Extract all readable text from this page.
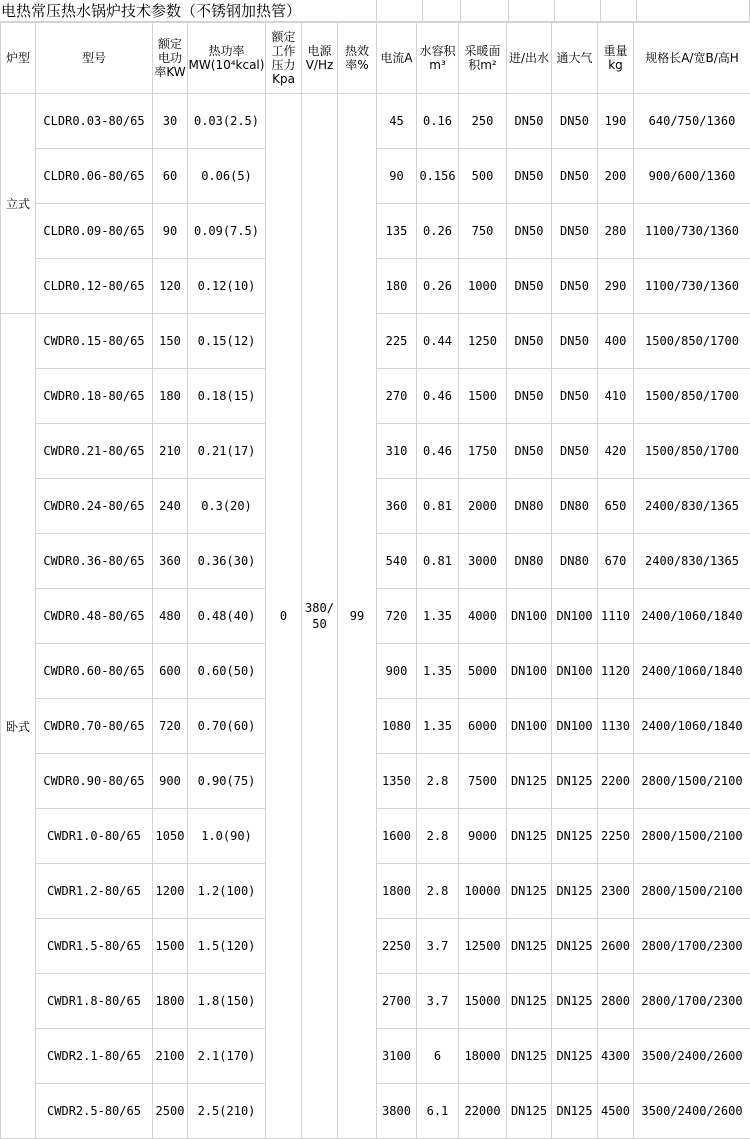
电热常压热水锅炉技术参数（不锈钢加热管）
炉型	型号	额定电功率KW	热功率MW(10⁴kcal)	额定工作压力Kpa	电源V/Hz	热效率%	电流A	水容积m³	采暖面积m²	进/出水	通大气	重量kg	规格长A/宽B/高H
立式	CLDR0.03-80/65	30	0.03(2.5)	0	380/50	99	45	0.16	250	DN50	DN50	190	640/750/1360
	CLDR0.06-80/65	60	0.06(5)				90	0.156	500	DN50	DN50	200	900/600/1360
	CLDR0.09-80/65	90	0.09(7.5)				135	0.26	750	DN50	DN50	280	1100/730/1360
	CLDR0.12-80/65	120	0.12(10)				180	0.26	1000	DN50	DN50	290	1100/730/1360
卧式	CWDR0.15-80/65	150	0.15(12)				225	0.44	1250	DN50	DN50	400	1500/850/1700
	CWDR0.18-80/65	180	0.18(15)				270	0.46	1500	DN50	DN50	410	1500/850/1700
	CWDR0.21-80/65	210	0.21(17)				310	0.46	1750	DN50	DN50	420	1500/850/1700
	CWDR0.24-80/65	240	0.3(20)				360	0.81	2000	DN80	DN80	650	2400/830/1365
	CWDR0.36-80/65	360	0.36(30)				540	0.81	3000	DN80	DN80	670	2400/830/1365
	CWDR0.48-80/65	480	0.48(40)				720	1.35	4000	DN100	DN100	1110	2400/1060/1840
	CWDR0.60-80/65	600	0.60(50)				900	1.35	5000	DN100	DN100	1120	2400/1060/1840
	CWDR0.70-80/65	720	0.70(60)				1080	1.35	6000	DN100	DN100	1130	2400/1060/1840
	CWDR0.90-80/65	900	0.90(75)				1350	2.8	7500	DN125	DN125	2200	2800/1500/2100
	CWDR1.0-80/65	1050	1.0(90)				1600	2.8	9000	DN125	DN125	2250	2800/1500/2100
	CWDR1.2-80/65	1200	1.2(100)				1800	2.8	10000	DN125	DN125	2300	2800/1500/2100
	CWDR1.5-80/65	1500	1.5(120)				2250	3.7	12500	DN125	DN125	2600	2800/1700/2300
	CWDR1.8-80/65	1800	1.8(150)				2700	3.7	15000	DN125	DN125	2800	2800/1700/2300
	CWDR2.1-80/65	2100	2.1(170)				3100	6	18000	DN125	DN125	4300	3500/2400/2600
	CWDR2.5-80/65	2500	2.5(210)				3800	6.1	22000	DN125	DN125	4500	3500/2400/2600
